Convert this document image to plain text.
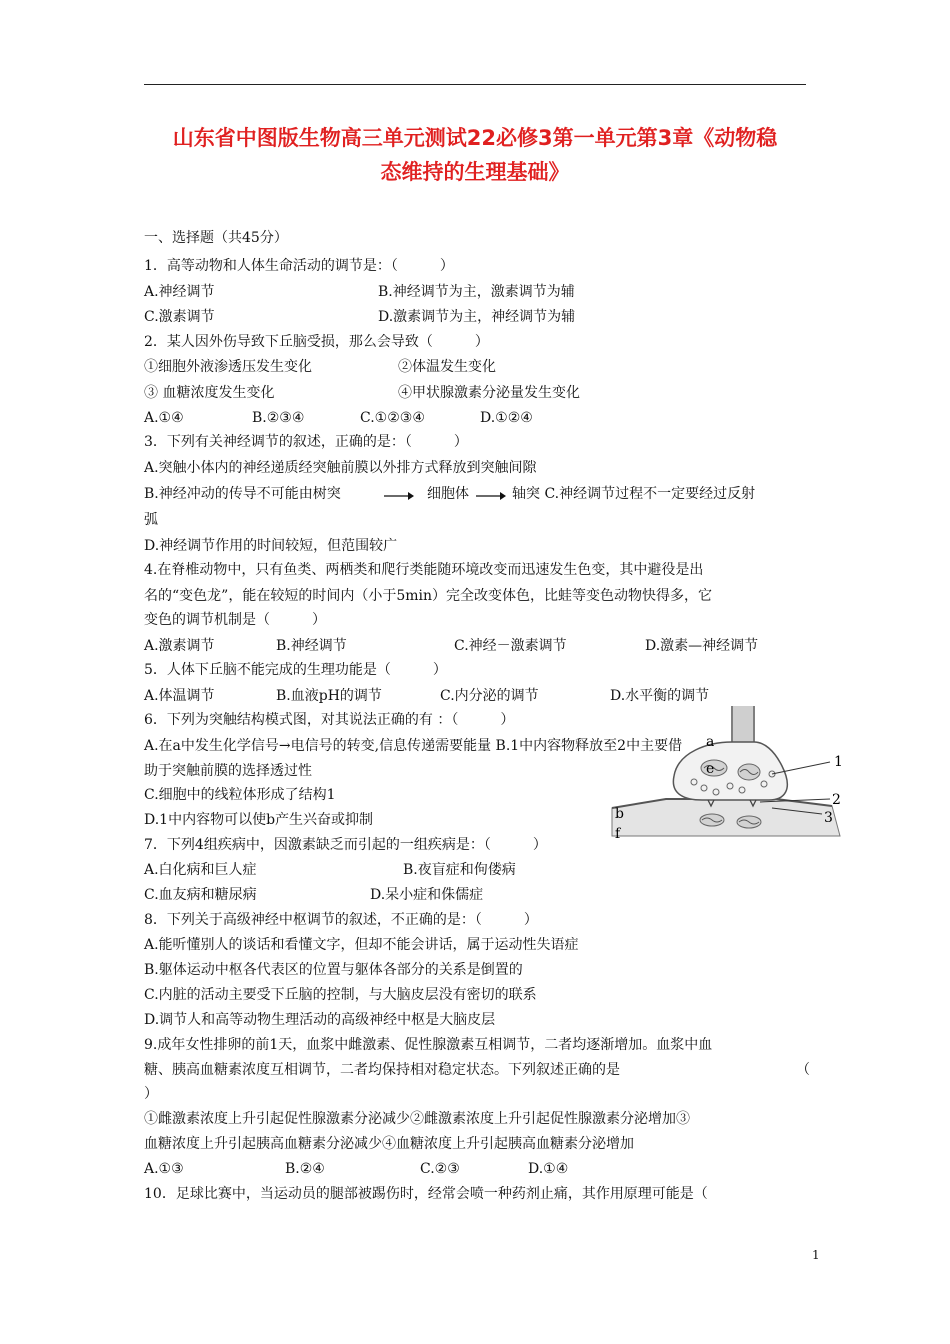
山东省中图版生物高三单元测试22必修3第一单元第3章《动物稳
态维持的生理基础》
一、选择题（共45分）
1．高等动物和人体生命活动的调节是：（　　　）
A.神经调节	B.神经调节为主，激素调节为辅
C.激素调节	D.激素调节为主，神经调节为辅
2．某人因外伤导致下丘脑受损，那么会导致（　　　）
①细胞外液渗透压发生变化	②体温发生变化
③ 血糖浓度发生变化	④甲状腺激素分泌量发生变化
A.①④	B.②③④	C.①②③④	D.①②④
3．下列有关神经调节的叙述，正确的是：（　　　）
A.突触小体内的神经递质经突触前膜以外排方式释放到突触间隙
B.神经冲动的传导不可能由树突	细胞体	轴突 C.神经调节过程不一定要经过反射
弧
D.神经调节作用的时间较短，但范围较广
4.在脊椎动物中，只有鱼类、两栖类和爬行类能随环境改变而迅速发生色变，其中避役是出
名的“变色龙”，能在较短的时间内（小于5min）完全改变体色，比蛙等变色动物快得多，它
变色的调节机制是（　　　）
A.激素调节	B.神经调节	C.神经－激素调节	D.激素—神经调节
5．人体下丘脑不能完成的生理功能是（　　　）
A.体温调节	B.血液pH的调节	C.内分泌的调节	D.水平衡的调节
a
e
b
f
1
2
3
6．下列为突触结构模式图，对其说法正确的有 ：（　　　）
A.在a中发生化学信号→电信号的转变,信息传递需要能量 B.1中内容物释放至2中主要借
助于突触前膜的选择透过性
C.细胞中的线粒体形成了结构1
D.1中内容物可以使b产生兴奋或抑制
7．下列4组疾病中，因激素缺乏而引起的一组疾病是：（　　　）
A.白化病和巨人症	B.夜盲症和佝偻病
C.血友病和糖尿病	D.呆小症和侏儒症
8．下列关于高级神经中枢调节的叙述，不正确的是：（　　　）
A.能听懂别人的谈话和看懂文字，但却不能会讲话，属于运动性失语症
B.躯体运动中枢各代表区的位置与躯体各部分的关系是倒置的
C.内脏的活动主要受下丘脑的控制，与大脑皮层没有密切的联系
D.调节人和高等动物生理活动的高级神经中枢是大脑皮层
9.成年女性排卵的前1天，血浆中雌激素、促性腺激素互相调节，二者均逐渐增加。血浆中血
糖、胰高血糖素浓度互相调节，二者均保持相对稳定状态。下列叙述正确的是	（
）
①雌激素浓度上升引起促性腺激素分泌减少②雌激素浓度上升引起促性腺激素分泌增加③
血糖浓度上升引起胰高血糖素分泌减少④血糖浓度上升引起胰高血糖素分泌增加
A.①③	B.②④	C.②③	D.①④
10．足球比赛中，当运动员的腿部被踢伤时，经常会喷一种药剂止痛，其作用原理可能是（
1
